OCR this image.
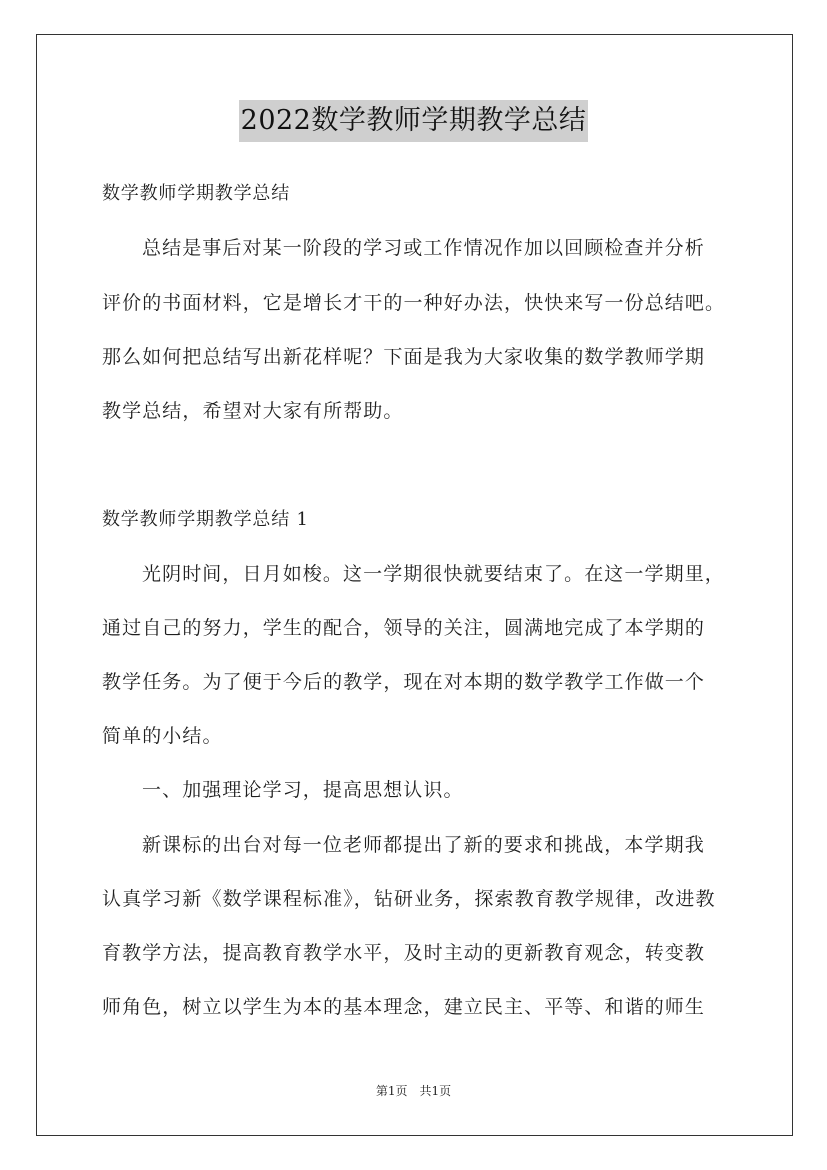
2022数学教师学期教学总结
数学教师学期教学总结
总结是事后对某一阶段的学习或工作情况作加以回顾检查并分析
评价的书面材料，它是增长才干的一种好办法，快快来写一份总结吧。
那么如何把总结写出新花样呢？下面是我为大家收集的数学教师学期
教学总结，希望对大家有所帮助。
数学教师学期教学总结 1
光阴时间，日月如梭。这一学期很快就要结束了。在这一学期里，
通过自己的努力，学生的配合，领导的关注，圆满地完成了本学期的
教学任务。为了便于今后的教学，现在对本期的数学教学工作做一个
简单的小结。
一、加强理论学习，提高思想认识。
新课标的出台对每一位老师都提出了新的要求和挑战，本学期我
认真学习新《数学课程标准》，钻研业务，探索教育教学规律，改进教
育教学方法，提高教育教学水平，及时主动的更新教育观念，转变教
师角色，树立以学生为本的基本理念，建立民主、平等、和谐的师生
第1页 共1页
